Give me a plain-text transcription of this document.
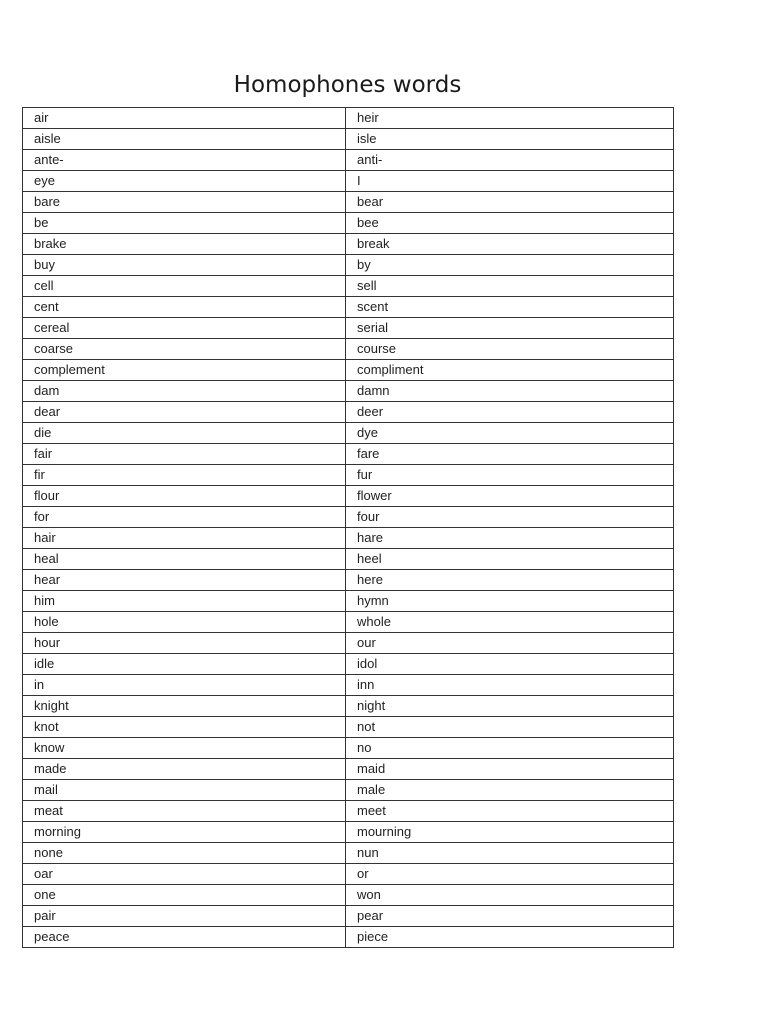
Homophones words
air	heir
aisle	isle
ante-	anti-
eye	I
bare	bear
be	bee
brake	break
buy	by
cell	sell
cent	scent
cereal	serial
coarse	course
complement	compliment
dam	damn
dear	deer
die	dye
fair	fare
fir	fur
flour	flower
for	four
hair	hare
heal	heel
hear	here
him	hymn
hole	whole
hour	our
idle	idol
in	inn
knight	night
knot	not
know	no
made	maid
mail	male
meat	meet
morning	mourning
none	nun
oar	or
one	won
pair	pear
peace	piece
